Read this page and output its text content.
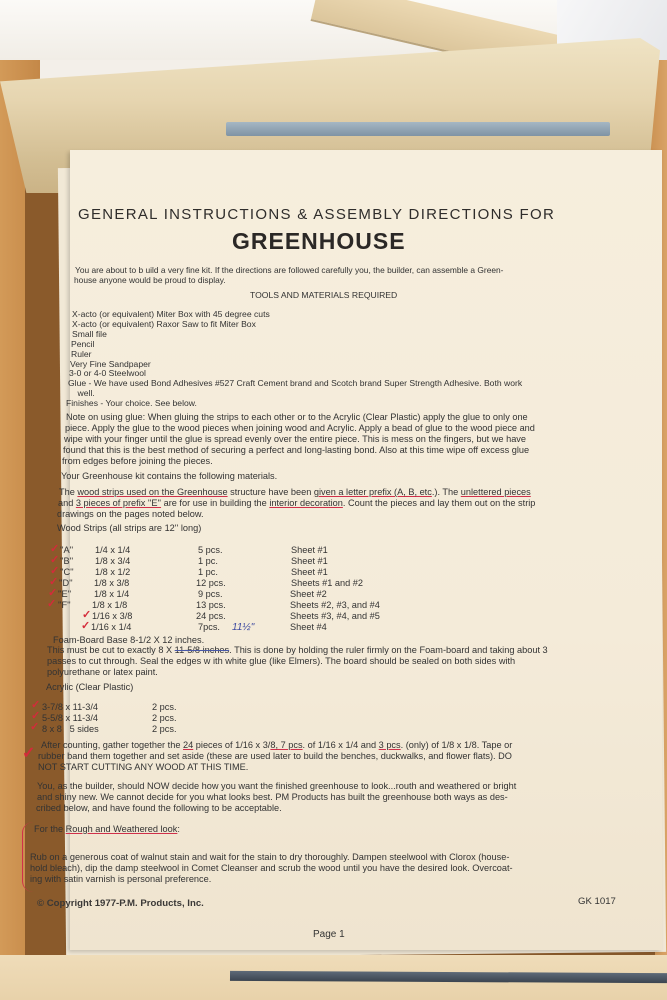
GENERAL INSTRUCTIONS & ASSEMBLY DIRECTIONS FOR
GREENHOUSE
You are about to b uild a very fine kit. If the directions are followed carefully you, the builder, can assemble a Green-
house anyone would be proud to display.
TOOLS AND MATERIALS REQUIRED
X-acto (or equivalent) Miter Box with 45 degree cuts
X-acto (or equivalent) Raxor Saw to fit Miter Box
Small file
Pencil
Ruler
Very Fine Sandpaper
3-0 or 4-0 Steelwool
Glue - We have used Bond Adhesives #527 Craft Cement brand and Scotch brand Super Strength Adhesive. Both work
well.
Finishes - Your choice. See below.
Note on using glue: When gluing the strips to each other or to the Acrylic (Clear Plastic) apply the glue to only one
piece. Apply the glue to the wood pieces when joining wood and Acrylic. Apply a bead of glue to the wood piece and
wipe with your finger until the glue is spread evenly over the entire piece. This is mess on the fingers, but we have
found that this is the best method of securing a perfect and long-lasting bond. Also at this time wipe off excess glue
from edges before joining the pieces.
Your Greenhouse kit contains the following materials.
The wood strips used on the Greenhouse structure have been given a letter prefix (A, B, etc.). The unlettered pieces
and 3 pieces of prefix ''E'' are for use in building the interior decoration. Count the pieces and lay them out on the strip
drawings on the pages noted below.
Wood Strips (all strips are 12'' long)
✓ ''A'' 1/4 x 1/4	5 pcs.	Sheet #1
✓ ''B'' 1/8 x 3/4	1 pc.	Sheet #1
✓ ''C'' 1/8 x 1/2	1 pc.	Sheet #1
✓ ''D'' 1/8 x 3/8	12 pcs.	Sheets #1 and #2
✓ ''E'' 1/8 x 1/4	9 pcs.	Sheet #2
✓ ''F'' 1/8 x 1/8	13 pcs.	Sheets #2, #3, and #4
✓ 1/16 x 3/8	24 pcs.	Sheets #3, #4, and #5
✓ 1/16 x 1/4	7pcs.	Sheet #4
11½"
Foam-Board Base 8-1/2 X 12 inches.
This must be cut to exactly 8 X 11-5/8 inches. This is done by holding the ruler firmly on the Foam-board and taking about 3
passes to cut through. Seal the edges w ith white glue (like Elmers). The board should be sealed on both sides with
polyurethane or latex paint.
Acrylic (Clear Plastic)
✓ 3-7/8 x 11-3/4	2 pcs.
✓ 5-5/8 x 11-3/4	2 pcs.
✓ 8 x 8   5 sides	2 pcs.
✓ After counting, gather together the 24 pieces of 1/16 x 3/8, 7 pcs. of 1/16 x 1/4 and 3 pcs. (only) of 1/8 x 1/8. Tape or
rubber band them together and set aside (these are used later to build the benches, duckwalks, and flower flats). DO
NOT START CUTTING ANY WOOD AT THIS TIME.
You, as the builder, should NOW decide how you want the finished greenhouse to look...routh and weathered or bright
and shiny new. We cannot decide for you what looks best. PM Products has built the greenhouse both ways as des-
cribed below, and have found the following to be acceptable.
For the Rough and Weathered look:
Rub on a generous coat of walnut stain and wait for the stain to dry thoroughly. Dampen steelwool with Clorox (house-
hold bleach), dip the damp steelwool in Comet Cleanser and scrub the wood until you have the desired look. Overcoat-
ing with satin varnish is personal preference.
© Copyright 1977-P.M. Products, Inc.	GK 1017
Page 1
